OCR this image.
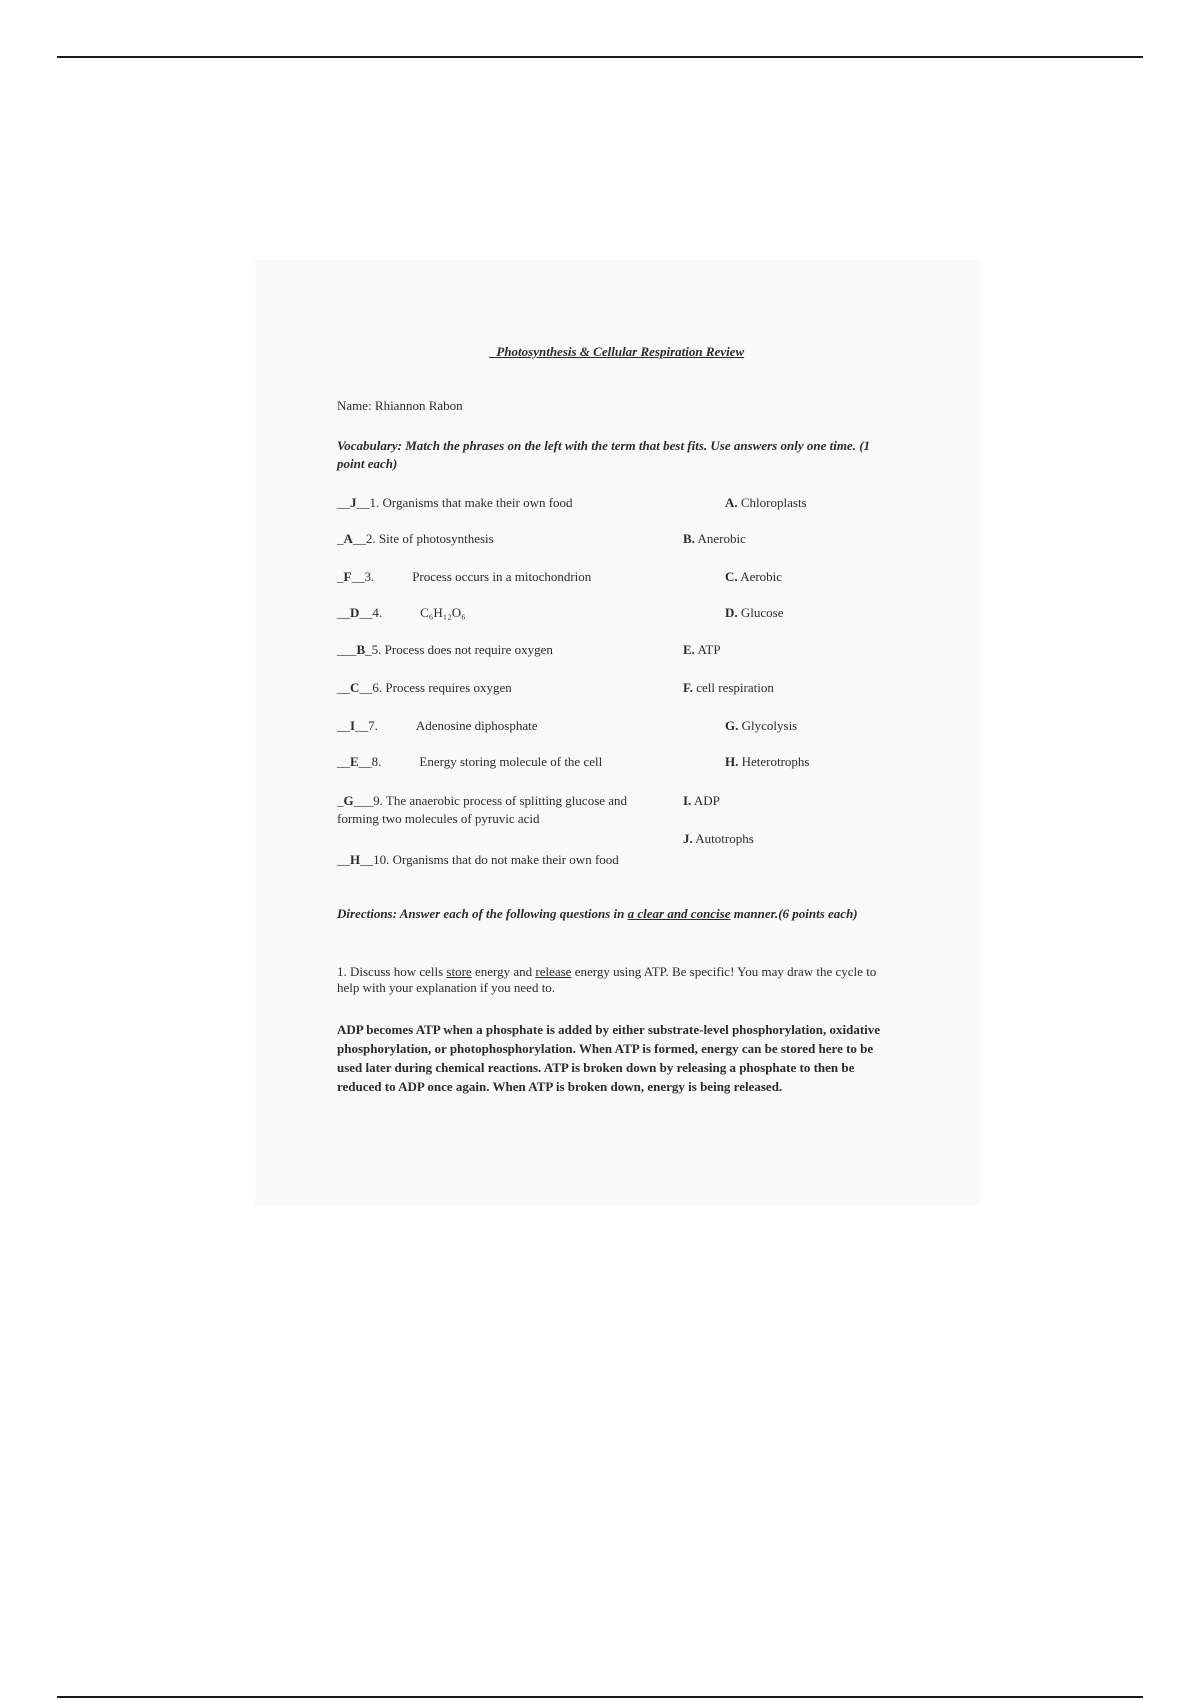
_Photosynthesis & Cellular Respiration Review
Name: Rhiannon Rabon
Vocabulary: Match the phrases on the left with the term that best fits. Use answers only one time. (1 point each)
__J__1. Organisms that make their own food
_A__2. Site of photosynthesis
_F__3.	Process occurs in a mitochondrion
__D__4.	C₆H₁₂O₆
___B_5. Process does not require oxygen
__C__6. Process requires oxygen
__I__7.	Adenosine diphosphate
__E__8.	Energy storing molecule of the cell
_G___9. The anaerobic process of splitting glucose and forming two molecules of pyruvic acid
__H__10. Organisms that do not make their own food
A. Chloroplasts
B. Anerobic
C. Aerobic
D. Glucose
E. ATP
F. cell respiration
G. Glycolysis
H. Heterotrophs
I. ADP
J. Autotrophs
Directions: Answer each of the following questions in a clear and concise manner.(6 points each)
1. Discuss how cells store energy and release energy using ATP. Be specific! You may draw the cycle to help with your explanation if you need to.
ADP becomes ATP when a phosphate is added by either substrate-level phosphorylation, oxidative phosphorylation, or photophosphorylation. When ATP is formed, energy can be stored here to be used later during chemical reactions. ATP is broken down by releasing a phosphate to then be reduced to ADP once again. When ATP is broken down, energy is being released.
